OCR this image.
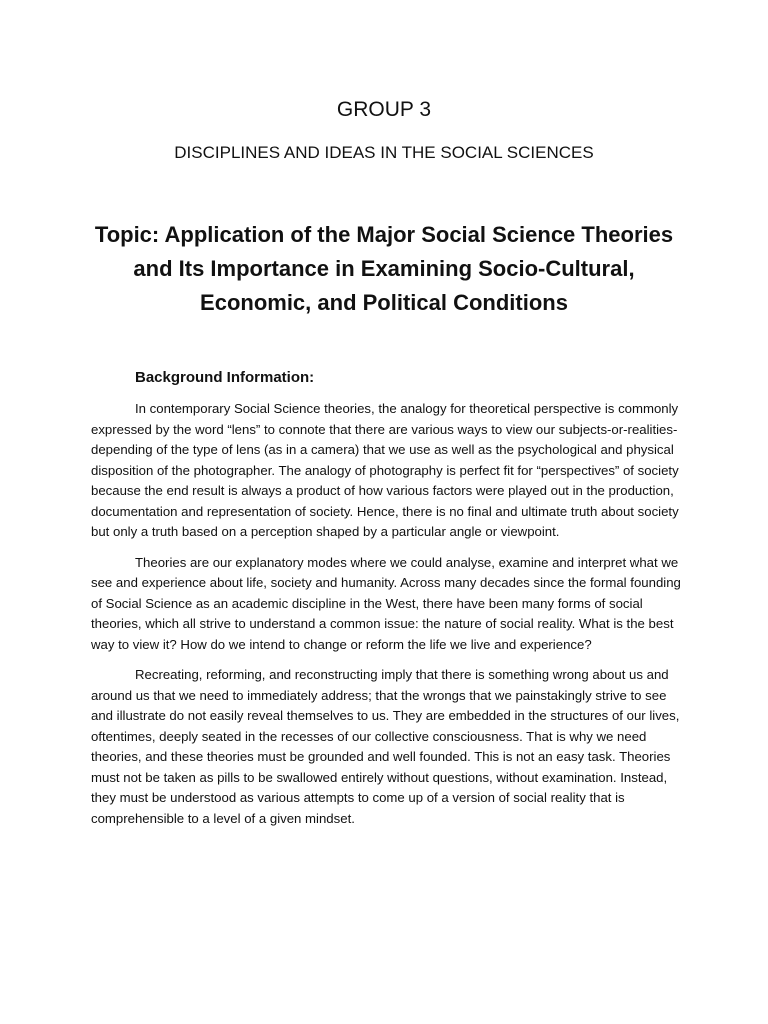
GROUP 3
DISCIPLINES AND IDEAS IN THE SOCIAL SCIENCES
Topic: Application of the Major Social Science Theories and Its Importance in Examining Socio-Cultural, Economic, and Political Conditions
Background Information:

In contemporary Social Science theories, the analogy for theoretical perspective is commonly expressed by the word “lens” to connote that there are various ways to view our subjects-or-realities-depending of the type of lens (as in a camera) that we use as well as the psychological and physical disposition of the photographer. The analogy of photography is perfect fit for “perspectives” of society because the end result is always a product of how various factors were played out in the production, documentation and representation of society. Hence, there is no final and ultimate truth about society but only a truth based on a perception shaped by a particular angle or viewpoint.

Theories are our explanatory modes where we could analyse, examine and interpret what we see and experience about life, society and humanity. Across many decades since the formal founding of Social Science as an academic discipline in the West, there have been many forms of social theories, which all strive to understand a common issue: the nature of social reality. What is the best way to view it? How do we intend to change or reform the life we live and experience?

Recreating, reforming, and reconstructing imply that there is something wrong about us and around us that we need to immediately address; that the wrongs that we painstakingly strive to see and illustrate do not easily reveal themselves to us. They are embedded in the structures of our lives, oftentimes, deeply seated in the recesses of our collective consciousness. That is why we need theories, and these theories must be grounded and well founded. This is not an easy task. Theories must not be taken as pills to be swallowed entirely without questions, without examination. Instead, they must be understood as various attempts to come up of a version of social reality that is comprehensible to a level of a given mindset.
